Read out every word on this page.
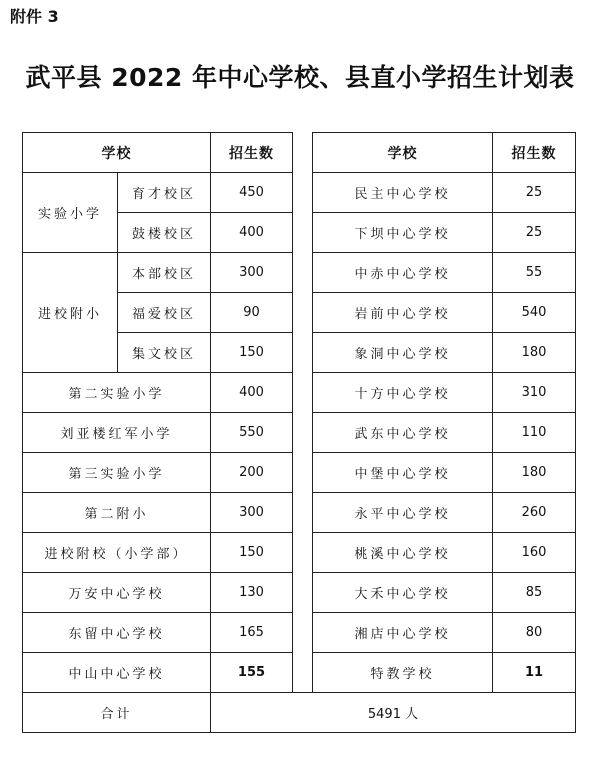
附件 3
武平县 2022 年中心学校、县直小学招生计划表
学校		招生数		学校	招生数
实验小学	育才校区	450		民主中心学校	25
	鼓楼校区	400		下坝中心学校	25
进校附小	本部校区	300		中赤中心学校	55
	福爱校区	90		岩前中心学校	540
	集文校区	150		象洞中心学校	180
第二实验小学		400		十方中心学校	310
刘亚楼红军小学		550		武东中心学校	110
第三实验小学		200		中堡中心学校	180
第二附小		300		永平中心学校	260
进校附校（小学部）		150		桃溪中心学校	160
万安中心学校		130		大禾中心学校	85
东留中心学校		165		湘店中心学校	80
中山中心学校		155		特教学校	11
合计		5491 人			
